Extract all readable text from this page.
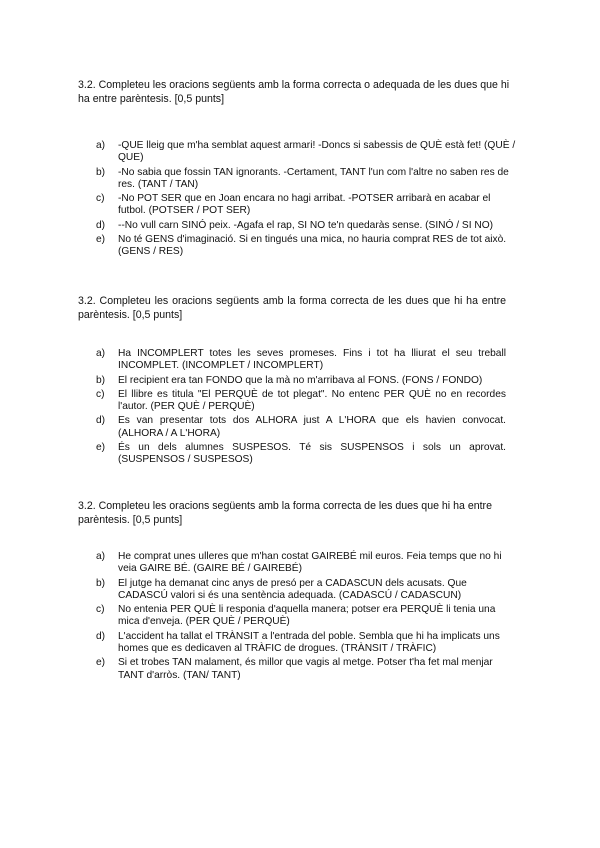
3.2. Completeu les oracions següents amb la forma correcta o adequada de les dues que hi ha entre parèntesis. [0,5 punts]

a)	-QUE lleig que m'ha semblat aquest armari! -Doncs si sabessis de QUÈ està fet! (QUÈ / QUE)
b)	-No sabia que fossin TAN ignorants. -Certament, TANT l'un com l'altre no saben res de res. (TANT / TAN)
c)	-No POT SER que en Joan encara no hagi arribat. -POTSER arribarà en acabar el futbol. (POTSER / POT SER)
d)	--No vull carn SINÓ peix. -Agafa el rap, SI NO te'n quedaràs sense. (SINÓ / SI NO)
e)	No té GENS d'imaginació. Si en tingués una mica, no hauria comprat RES de tot això. (GENS / RES)

3.2. Completeu les oracions següents amb la forma correcta de les dues que hi ha entre parèntesis. [0,5 punts]

a)	Ha INCOMPLERT totes les seves promeses. Fins i tot ha lliurat el seu treball INCOMPLET. (INCOMPLET / INCOMPLERT)
b)	El recipient era tan FONDO que la mà no m'arribava al FONS. (FONS / FONDO)
c)	El llibre es titula "El PERQUÈ de tot plegat". No entenc PER QUÈ no en recordes l'autor. (PER QUÈ / PERQUÈ)
d)	Es van presentar tots dos ALHORA just A L'HORA que els havien convocat. (ALHORA / A L'HORA)
e)	És un dels alumnes SUSPESOS. Té sis SUSPENSOS i sols un aprovat. (SUSPENSOS / SUSPESOS)

3.2. Completeu les oracions següents amb la forma correcta de les dues que hi ha entre parèntesis. [0,5 punts]

a)	He comprat unes ulleres que m'han costat GAIREBÉ mil euros. Feia temps que no hi veia GAIRE BÉ. (GAIRE BÉ / GAIREBÉ)
b)	El jutge ha demanat cinc anys de presó per a CADASCUN dels acusats. Que CADASCÚ valori si és una sentència adequada. (CADASCÚ / CADASCUN)
c)	No entenia PER QUÈ li responia d'aquella manera; potser era PERQUÈ li tenia una mica d'enveja. (PER QUÈ / PERQUÈ)
d)	L'accident ha tallat el TRÀNSIT a l'entrada del poble. Sembla que hi ha implicats uns homes que es dedicaven al TRÀFIC de drogues. (TRÀNSIT / TRÀFIC)
e)	Si et trobes TAN malament, és millor que vagis al metge. Potser t'ha fet mal menjar TANT d'arròs. (TAN/ TANT)
